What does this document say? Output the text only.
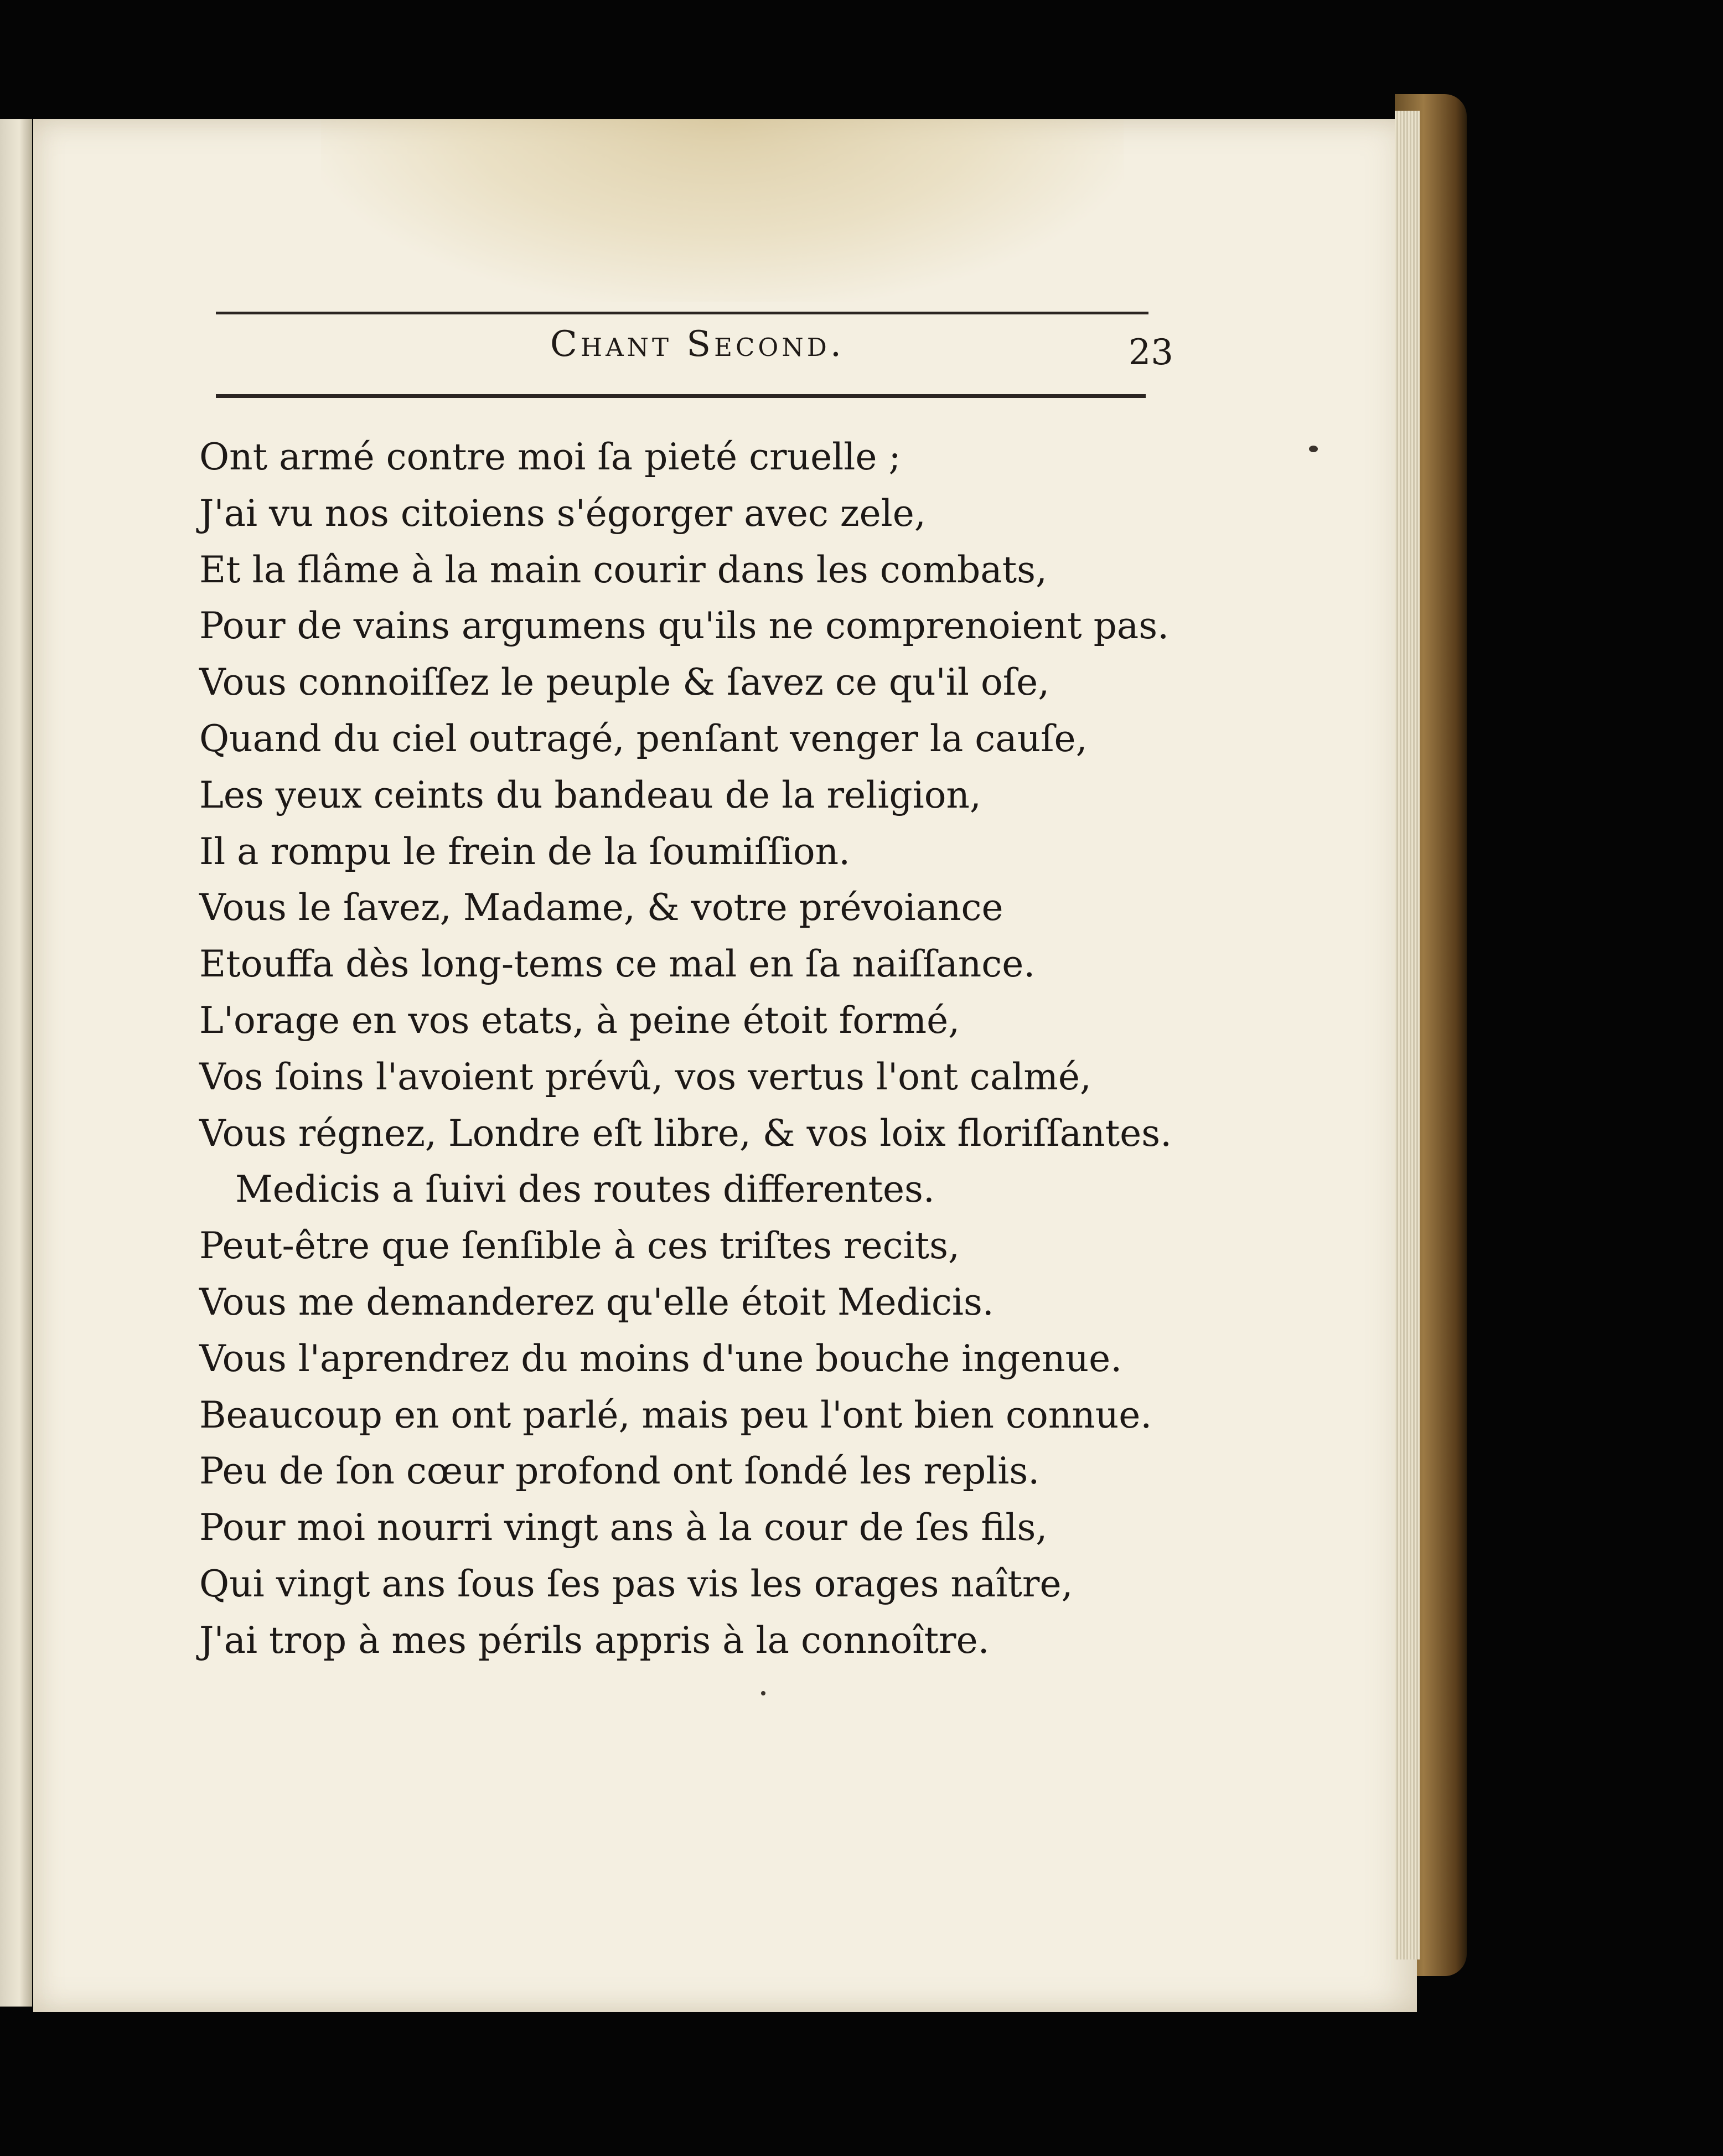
Chant Second.	23
Ont armé contre moi ſa pieté cruelle ;
J'ai vu nos citoiens s'égorger avec zele,
Et la flâme à la main courir dans les combats,
Pour de vains argumens qu'ils ne comprenoient pas.
Vous connoiſſez le peuple & ſavez ce qu'il oſe,
Quand du ciel outragé, penſant venger la cauſe,
Les yeux ceints du bandeau de la religion,
Il a rompu le frein de la ſoumiſſion.
Vous le ſavez, Madame, & votre prévoiance
Etouffa dès long-tems ce mal en ſa naiſſance.
L'orage en vos etats, à peine étoit formé,
Vos ſoins l'avoient prévû, vos vertus l'ont calmé,
Vous régnez, Londre eſt libre, & vos loix floriſſantes.
Medicis a ſuivi des routes differentes.
Peut-être que ſenſible à ces triſtes recits,
Vous me demanderez qu'elle étoit Medicis.
Vous l'aprendrez du moins d'une bouche ingenue.
Beaucoup en ont parlé, mais peu l'ont bien connue.
Peu de ſon cœur profond ont ſondé les replis.
Pour moi nourri vingt ans à la cour de ſes fils,
Qui vingt ans ſous ſes pas vis les orages naître,
J'ai trop à mes périls appris à la connoître.
